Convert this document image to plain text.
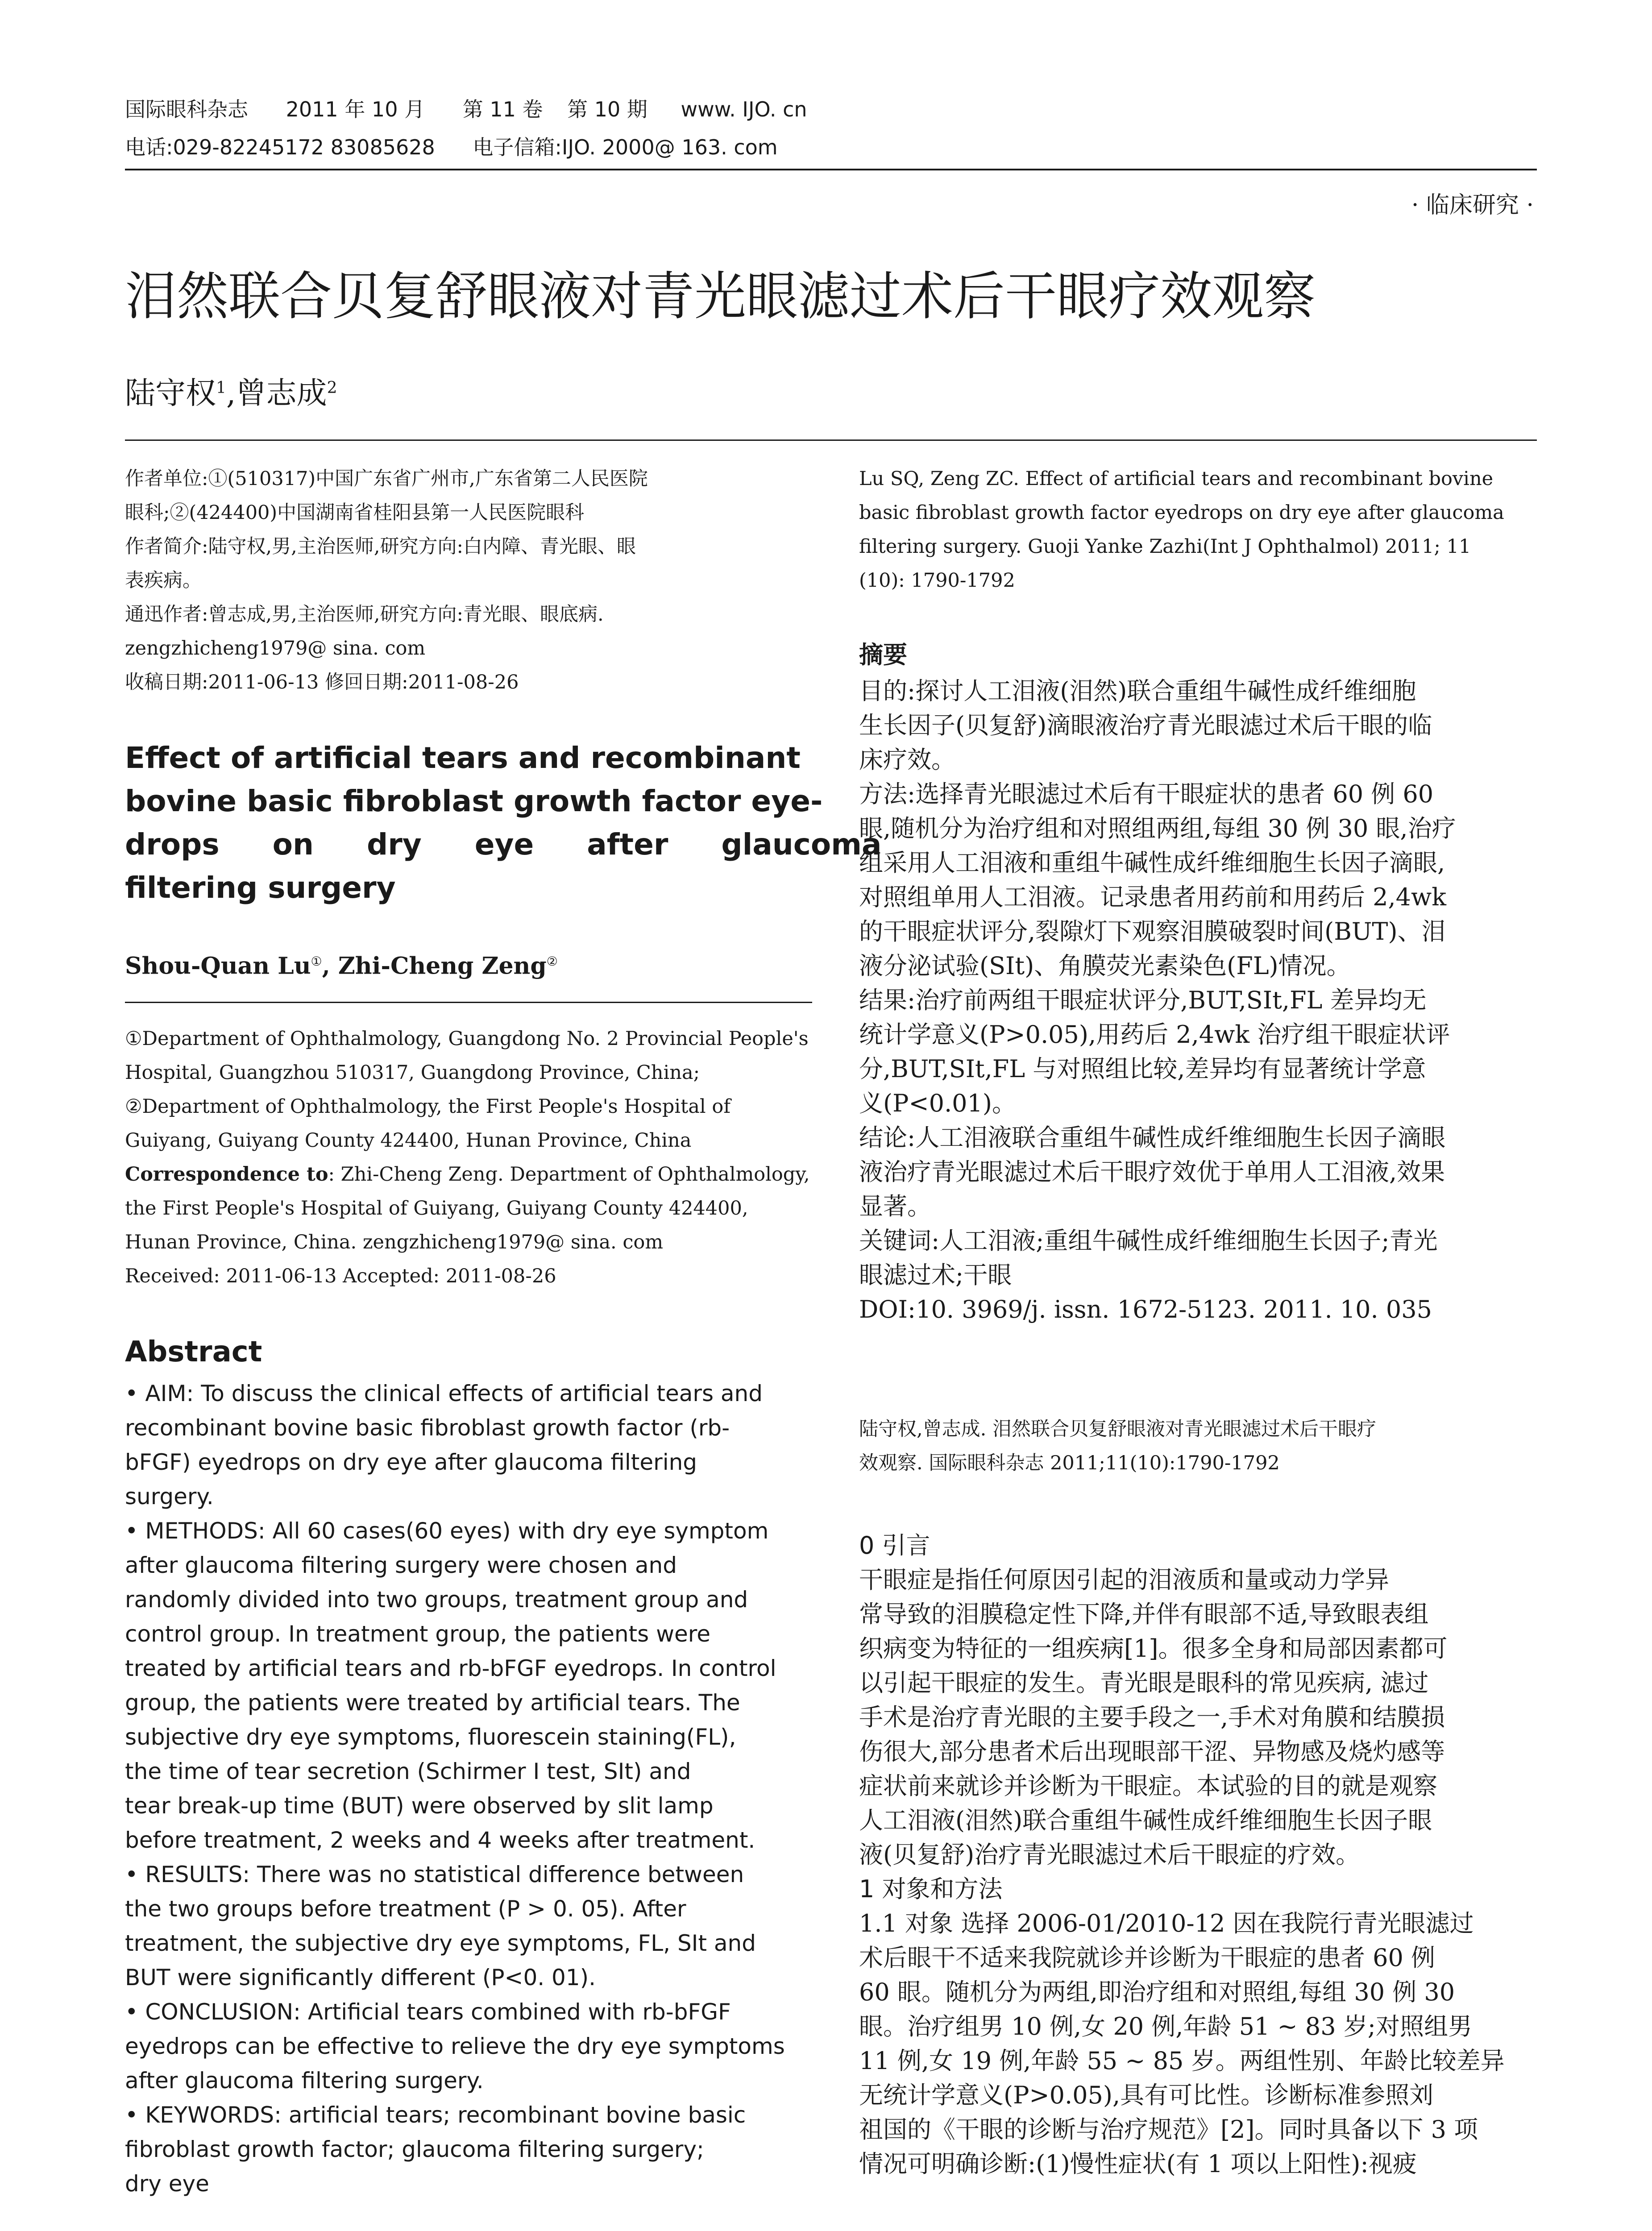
国际眼科杂志 2011 年 10 月 第 11 卷 第 10 期 www. IJO. cn
电话:029-82245172 83085628 电子信箱:IJO. 2000@ 163. com
· 临床研究 ·
泪然联合贝复舒眼液对青光眼滤过术后干眼疗效观察
陆守权$^1$,曾志成$^2$
作者单位:①(510317)中国广东省广州市,广东省第二人民医院
眼科;②(424400)中国湖南省桂阳县第一人民医院眼科
作者简介:陆守权,男,主治医师,研究方向:白内障、青光眼、眼
表疾病。
通迅作者:曾志成,男,主治医师,研究方向:青光眼、眼底病.
zengzhicheng1979@ sina. com
收稿日期:2011-06-13 修回日期:2011-08-26
Effect of artificial tears and recombinant
bovine basic fibroblast growth factor eye-
drops on dry eye after glaucoma
filtering surgery
Shou-Quan Lu①, Zhi-Cheng Zeng②
①Department of Ophthalmology, Guangdong No. 2 Provincial People's
Hospital, Guangzhou 510317, Guangdong Province, China;
②Department of Ophthalmology, the First People's Hospital of
Guiyang, Guiyang County 424400, Hunan Province, China
Correspondence to: Zhi-Cheng Zeng. Department of Ophthalmology,
the First People's Hospital of Guiyang, Guiyang County 424400,
Hunan Province, China. zengzhicheng1979@ sina. com
Received: 2011-06-13 Accepted: 2011-08-26
Abstract
• AIM: To discuss the clinical effects of artificial tears and
recombinant bovine basic fibroblast growth factor (rb-
bFGF) eyedrops on dry eye after glaucoma filtering
surgery.
• METHODS: All 60 cases(60 eyes) with dry eye symptom
after glaucoma filtering surgery were chosen and
randomly divided into two groups, treatment group and
control group. In treatment group, the patients were
treated by artificial tears and rb-bFGF eyedrops. In control
group, the patients were treated by artificial tears. The
subjective dry eye symptoms, fluorescein staining(FL),
the time of tear secretion (Schirmer Ⅰ test, SⅠt) and
tear break-up time (BUT) were observed by slit lamp
before treatment, 2 weeks and 4 weeks after treatment.
• RESULTS: There was no statistical difference between
the two groups before treatment (P > 0. 05). After
treatment, the subjective dry eye symptoms, FL, SⅠt and
BUT were significantly different (P<0. 01).
• CONCLUSION: Artificial tears combined with rb-bFGF
eyedrops can be effective to relieve the dry eye symptoms
after glaucoma filtering surgery.
• KEYWORDS: artificial tears; recombinant bovine basic
fibroblast growth factor; glaucoma filtering surgery;
dry eye
Lu SQ, Zeng ZC. Effect of artificial tears and recombinant bovine
basic fibroblast growth factor eyedrops on dry eye after glaucoma
filtering surgery. Guoji Yanke Zazhi(Int J Ophthalmol) 2011; 11
(10): 1790-1792
摘要
目的:探讨人工泪液(泪然)联合重组牛碱性成纤维细胞
生长因子(贝复舒)滴眼液治疗青光眼滤过术后干眼的临
床疗效。
方法:选择青光眼滤过术后有干眼症状的患者 60 例 60
眼,随机分为治疗组和对照组两组,每组 30 例 30 眼,治疗
组采用人工泪液和重组牛碱性成纤维细胞生长因子滴眼,
对照组单用人工泪液。记录患者用药前和用药后 2,4wk
的干眼症状评分,裂隙灯下观察泪膜破裂时间(BUT)、泪
液分泌试验(SⅠt)、角膜荧光素染色(FL)情况。
结果:治疗前两组干眼症状评分,BUT,SⅠt,FL 差异均无
统计学意义(P>0.05),用药后 2,4wk 治疗组干眼症状评
分,BUT,SⅠt,FL 与对照组比较,差异均有显著统计学意
义(P<0.01)。
结论:人工泪液联合重组牛碱性成纤维细胞生长因子滴眼
液治疗青光眼滤过术后干眼疗效优于单用人工泪液,效果
显著。
关键词:人工泪液;重组牛碱性成纤维细胞生长因子;青光
眼滤过术;干眼
DOI:10. 3969/j. issn. 1672-5123. 2011. 10. 035
陆守权,曾志成. 泪然联合贝复舒眼液对青光眼滤过术后干眼疗
效观察. 国际眼科杂志 2011;11(10):1790-1792
0 引言
干眼症是指任何原因引起的泪液质和量或动力学异
常导致的泪膜稳定性下降,并伴有眼部不适,导致眼表组
织病变为特征的一组疾病[1]。很多全身和局部因素都可
以引起干眼症的发生。青光眼是眼科的常见疾病, 滤过
手术是治疗青光眼的主要手段之一,手术对角膜和结膜损
伤很大,部分患者术后出现眼部干涩、异物感及烧灼感等
症状前来就诊并诊断为干眼症。本试验的目的就是观察
人工泪液(泪然)联合重组牛碱性成纤维细胞生长因子眼
液(贝复舒)治疗青光眼滤过术后干眼症的疗效。
1 对象和方法
1.1 对象 选择 2006-01/2010-12 因在我院行青光眼滤过
术后眼干不适来我院就诊并诊断为干眼症的患者 60 例
60 眼。随机分为两组,即治疗组和对照组,每组 30 例 30
眼。治疗组男 10 例,女 20 例,年龄 51 ~ 83 岁;对照组男
11 例,女 19 例,年龄 55 ~ 85 岁。两组性别、年龄比较差异
无统计学意义(P>0.05),具有可比性。诊断标准参照刘
祖国的《干眼的诊断与治疗规范》[2]。同时具备以下 3 项
情况可明确诊断:(1)慢性症状(有 1 项以上阳性):视疲
